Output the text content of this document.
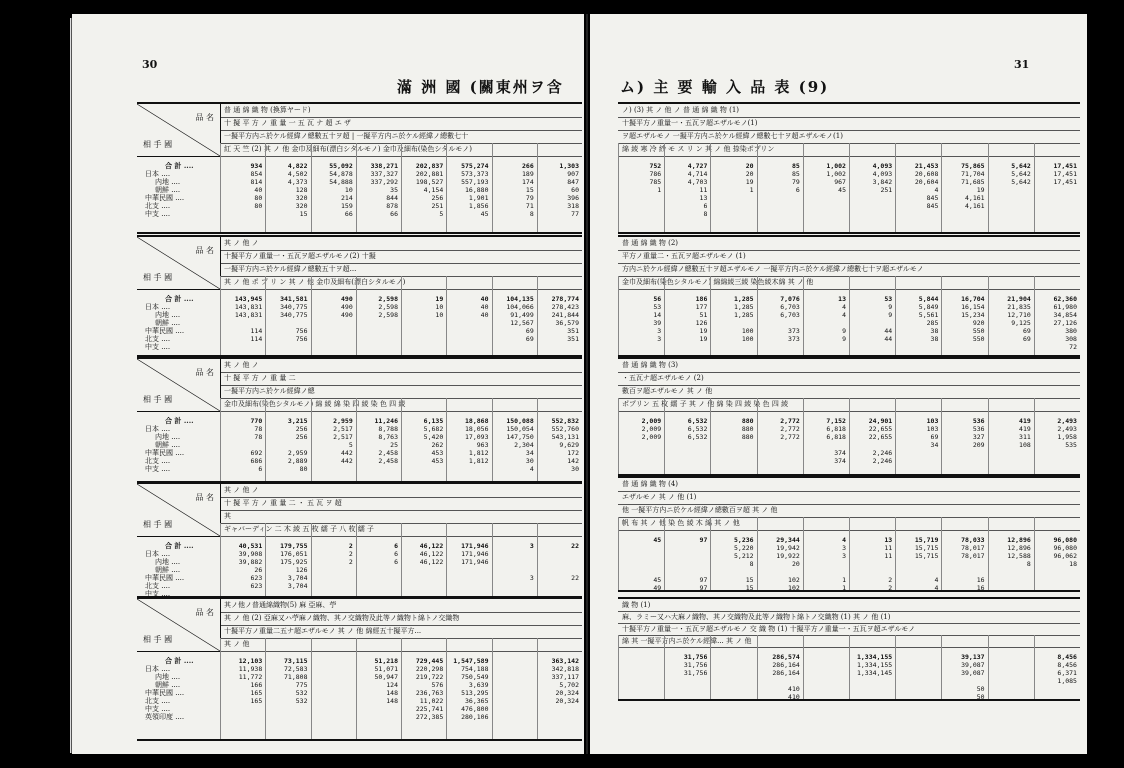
30
滿 洲 國 (關東州ヲ含
普 通 綿 織 物 (換算ヤード)
十 擬 平 方 ノ 重 量 一 五 瓦 ナ 超 エ ザ
一擬平方内ニ於ケル經緯ノ總數五十ヲ超 | 一擬平方内ニ於ケル經緯ノ總數七十
紅 天 竺 (2) 其 ノ 他 金巾及細布(漂白シタルモノ) 金巾及細布(染色シタルモノ)
品 名
相 手 國
合 計 ....
日本 ....
内地 ....
朝鮮 ....
中華民國 ....
北支 ....
中支 ....
934
854
814
40
80
80

4,822
4,502
4,373
128
320
320
15
55,092
54,878
54,888
10
214
159
66
338,271
337,327
337,292
35
844
878
66
202,837
202,881
198,527
4,154
256
251
5
575,274
573,373
557,193
16,880
1,901
1,856
45
266
189
174
15
79
71
8
1,303
907
847
60
396
318
77
其 ノ 他 ノ
十擬平方ノ重量一・五瓦ヲ超エザルモノ(2) 十擬
一擬平方内ニ於ケル經緯ノ總數五十ヲ超...
其 ノ 他 ポ プ リ ン 其 ノ 他 金巾及細布(漂白シタルモノ)
品 名
相 手 國
合 計 ....
日本 ....
内地 ....
朝鮮 ....
中華民國 ....
北支 ....
中支 ....
143,945
143,831
143,831

114
114

341,581
340,775
340,775

756
756

490
490
490

2,598
2,598
2,598

19
10
10

40
40
40

104,135
104,066
91,499
12,567
69
69

278,774
278,423
241,844
36,579
351
351

其 ノ 他 ノ
十 擬 平 方 ノ 重 量 二
一擬平方内ニ於ケル經緯ノ總
金巾及細布(染色シタルモノ) 綿 綾 綿 染 四 綾 染 色 四 綾
品 名
相 手 國
合 計 ....
日本 ....
内地 ....
朝鮮 ....
中華民國 ....
北支 ....
中支 ....
770
78
78

692
686
6
3,215
256
256

2,959
2,889
80
2,959
2,517
2,517
5
442
442

11,246
8,788
8,763
25
2,458
2,458

6,135
5,682
5,420
262
453
453

18,868
18,056
17,093
963
1,812
1,812

150,088
150,054
147,750
2,304
34
30
4
552,832
552,760
543,131
9,629
172
142
30
其 ノ 他 ノ
十 擬 平 方 ノ 重 量 二 ・ 五 瓦 ヲ 超
其
ギャバーディン 二 木 綾 五 枚 繻 子 八 枚 繻 子
品 名
相 手 國
合 計 ....
日本 ....
内地 ....
朝鮮 ....
中華民國 ....
北支 ....
中支 ....
40,531
39,908
39,882
26
623
623

179,755
176,051
175,925
126
3,704
3,704

2
2
2

6
6
6

46,122
46,122
46,122

171,946
171,946
171,946

3

3

22

22

其ノ他ノ普通綿織物(5) 麻 亞麻、苧
其 ノ 他 (2) 亞麻又ハ苧麻ノ織物、其ノ交織物及此等ノ織物ト綿トノ交織物
十擬平方ノ重量二五ナ超エザルモノ 其 ノ 他 綿經五十擬平方...
其 ノ 他
品 名
相 手 國
合 計 ....
日本 ....
内地 ....
朝鮮 ....
中華民國 ....
北支 ....
中支 ....
英領印度 ....
12,103
11,938
11,772
166
165
165

73,115
72,583
71,808
775
532
532

51,218
51,071
50,947
124
148
148

729,445
220,298
219,722
576
236,763
11,022
225,741
272,385
1,547,589
754,188
750,549
3,639
513,295
36,365
476,800
280,106

363,142
342,818
337,117
5,702
20,324
20,324

31
ム) 主 要 輸 入 品 表 (9)
ノ) (3) 其 ノ 他 ノ 普 通 綿 織 物 (1)
十擬平方ノ重量一・五瓦ヲ超エザルモノ(1)
ヲ超エザルモノ 一擬平方内ニ於ケル經緯ノ總數七十ヲ超エザルモノ(1)
綿 綾 寒 冷 紗 モ ス リ ン 其 ノ 他 捺染ポプリン
752
786
785
1

4,727
4,714
4,703
11
13
6
8
20
20
19
1

85
85
79
6

1,002
1,002
967
45

4,093
4,093
3,842
251

21,453
20,608
20,604
4
845
845

75,865
71,704
71,685
19
4,161
4,161

5,642
5,642
5,642

17,451
17,451
17,451

普 通 綿 織 物 (2)
平方ノ重量二・五瓦ヲ超エザルモノ (1)
方内ニ於ケル經緯ノ總數五十ヲ超エザルモノ 一擬平方内ニ於ケル經緯ノ總數七十ヲ超エザルモノ
金巾及細布(染色シタルモノ) 綿綿綾三綾 染色綾木綿 其 ノ 他
56
53
14
39
3
3

186
177
51
126
19
19

1,285
1,285
1,285

100
100

7,076
6,703
6,703

373
373

13
4
4

9
9

53
9
9

44
44

5,844
5,849
5,561
285
38
38

16,704
16,154
15,234
920
550
550

21,904
21,835
12,710
9,125
69
69

62,360
61,980
34,854
27,126
380
308
72
普 通 綿 織 物 (3)
・五瓦ナ超エザルモノ (2)
數百ヲ超エザルモノ 其 ノ 他
ポプリン 五 枚 繻 子 其 ノ 他 綿 染 四 綾 染 色 四 綾
2,009
2,009
2,009

6,532
6,532
6,532

880
880
880

2,772
2,772
2,772

7,152
6,818
6,818

374
374

24,901
22,655
22,655

2,246
2,246

103
103
69
34

536
536
327
209

419
419
311
108

2,493
2,493
1,958
535

普 通 綿 織 物 (4)
エザルモノ 其 ノ 他 (1)
他 一擬平方内ニ於ケル經緯ノ總數百ヲ超 其 ノ 他
帆 布 其 ノ 他 染 色 綾 木 綿 其 ノ 他
45

45
49
97

97
97
5,236
5,220
5,212
8

15
15
29,344
19,942
19,922
20

102
102
4
3
3

1
1
13
11
11

2
2
15,719
15,715
15,715

4
4
78,033
78,017
78,017

16
16
12,896
12,896
12,588
8

96,080
96,080
96,062
18

織 物 (1)
麻、ラミー又ハ大麻ノ織物、其ノ交織物及此等ノ織物ト綿トノ交織物 (1) 其 ノ 他 (1)
十擬平方ノ重量一・五瓦ヲ超エザルモノ 交 織 物 (1) 十擬平方ノ重量一・五瓦ヲ超エザルモノ
綿 其 一擬平方内ニ於ケル經緯... 其 ノ 他

31,756
31,756
31,756

286,574
286,164
286,164

410
410

1,334,155
1,334,155
1,334,145

39,137
39,087
39,087

50
50

8,456
8,456
6,371
1,085
